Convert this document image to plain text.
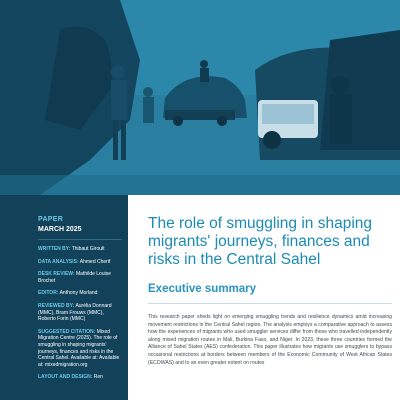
PAPER
MARCH 2025
WRITTEN BY: Thibaut Giroult
DATA ANALYSIS: Ahmed Cherif
DESK REVIEW: Mathilde Louise Brochet
EDITOR: Anthony Morland
REVIEWED BY: Aurélia Donnard (MMC), Bram Frouws (MMC), Roberto Forin (MMC)
SUGGESTED CITATION: Mixed Migration Centre (2025). The role of smuggling in shaping migrants' journeys, finances and risks in the Central Sahel. Available at: Available at: mixedmigration.org
LAYOUT AND DESIGN: Ren
The role of smuggling in shaping migrants' journeys, finances and risks in the Central Sahel
Executive summary

This research paper sheds light on emerging smuggling trends and resilience dynamics amid increasing movement restrictions in the Central Sahel region. The analysis employs a comparative approach to assess how the experiences of migrants who used smuggler services differ from those who travelled independently along mixed migration routes in Mali, Burkina Faso, and Niger. In 2023, these three countries formed the Alliance of Sahel States (AES) confederation. This paper illustrates how migrants use smugglers to bypass occasional restrictions at borders between members of the Economic Community of West African States (ECOWAS) and to an even greater extent on routes
